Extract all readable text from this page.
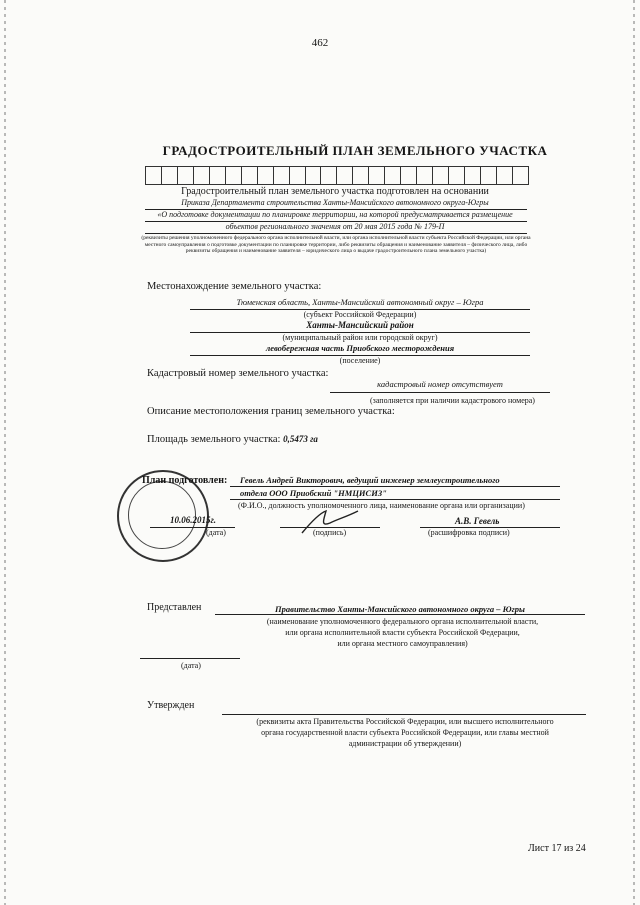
462
ГРАДОСТРОИТЕЛЬНЫЙ ПЛАН ЗЕМЕЛЬНОГО УЧАСТКА
Градостроительный план земельного участка подготовлен на основании
Приказа Департамента строительства Ханты-Мансийского автономного округа-Югры
«О подготовке документации по планировке территории, на которой предусматривается размещение
объектов регионального значения от 20 мая 2015 года № 179-П
(реквизиты решения уполномоченного федерального органа исполнительной власти, или органа исполнительной власти субъекта Российской Федерации, или органа местного самоуправления о подготовке документации по планировке территории, либо реквизиты обращения и наименование заявителя – физического лица, либо реквизиты обращения и наименование заявителя – юридического лица о выдаче градостроительного плана земельного участка)
Местонахождение земельного участка:
Тюменская область, Ханты-Мансийский автономный округ – Югра
(субъект Российской Федерации)
Ханты-Мансийский район
(муниципальный район или городской округ)
левобережная часть Приобского месторождения
(поселение)
Кадастровый номер земельного участка:
кадастровый номер отсутствует
(заполняется при наличии кадастрового номера)
Описание местоположения границ земельного участка:
Площадь земельного участка: 0,5473 га
План подготовлен: Гевель Андрей Викторович, ведущий инженер землеустроительного
отдела ООО Приобский "НМЦИСИЗ"
(Ф.И.О., должность уполномоченного лица, наименование органа или организации)
10.06.2015г.
(дата)	(подпись)
А.В. Гевель
(расшифровка подписи)
Представлен	Правительство Ханты-Мансийского автономного округа – Югры
(наименование уполномоченного федерального органа исполнительной власти,
или органа исполнительной власти субъекта Российской Федерации,
или органа местного самоуправления)
(дата)
Утвержден
(реквизиты акта Правительства Российской Федерации, или высшего исполнительного
органа государственной власти субъекта Российской Федерации, или главы местной
администрации об утверждении)
Лист 17 из 24
